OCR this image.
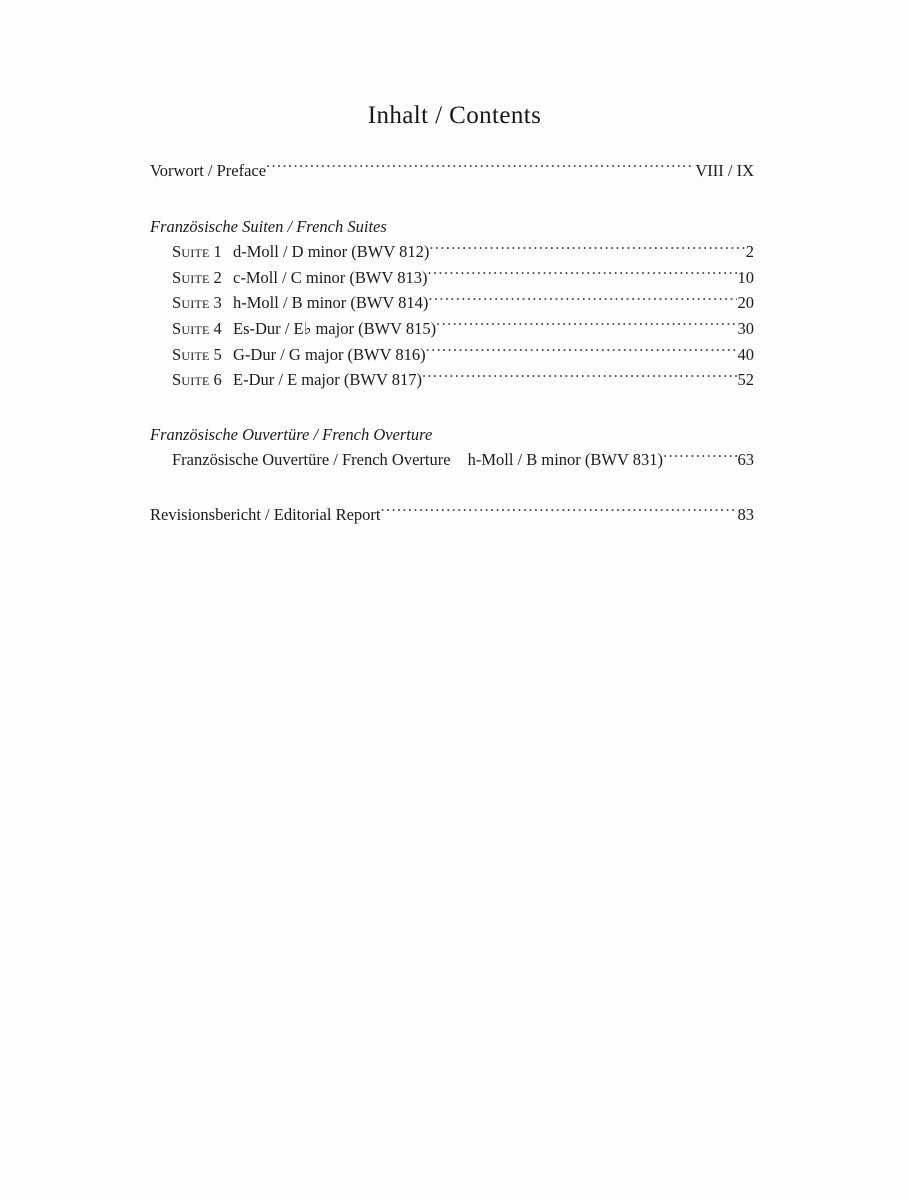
Inhalt / Contents
Vorwort / Preface .....	VIII / IX
Französische Suiten / French Suites
Suite 1 d-Moll / D minor (BWV 812) .....	2
Suite 2 c-Moll / C minor (BWV 813) .....	10
Suite 3 h-Moll / B minor (BWV 814) .....	20
Suite 4 Es-Dur / E♭ major (BWV 815) .....	30
Suite 5 G-Dur / G major (BWV 816) .....	40
Suite 6 E-Dur / E major (BWV 817) .....	52
Französische Ouvertüre / French Overture
Französische Ouvertüre / French Overture	h-Moll / B minor (BWV 831) .....	63
Revisionsbericht / Editorial Report .....	83
